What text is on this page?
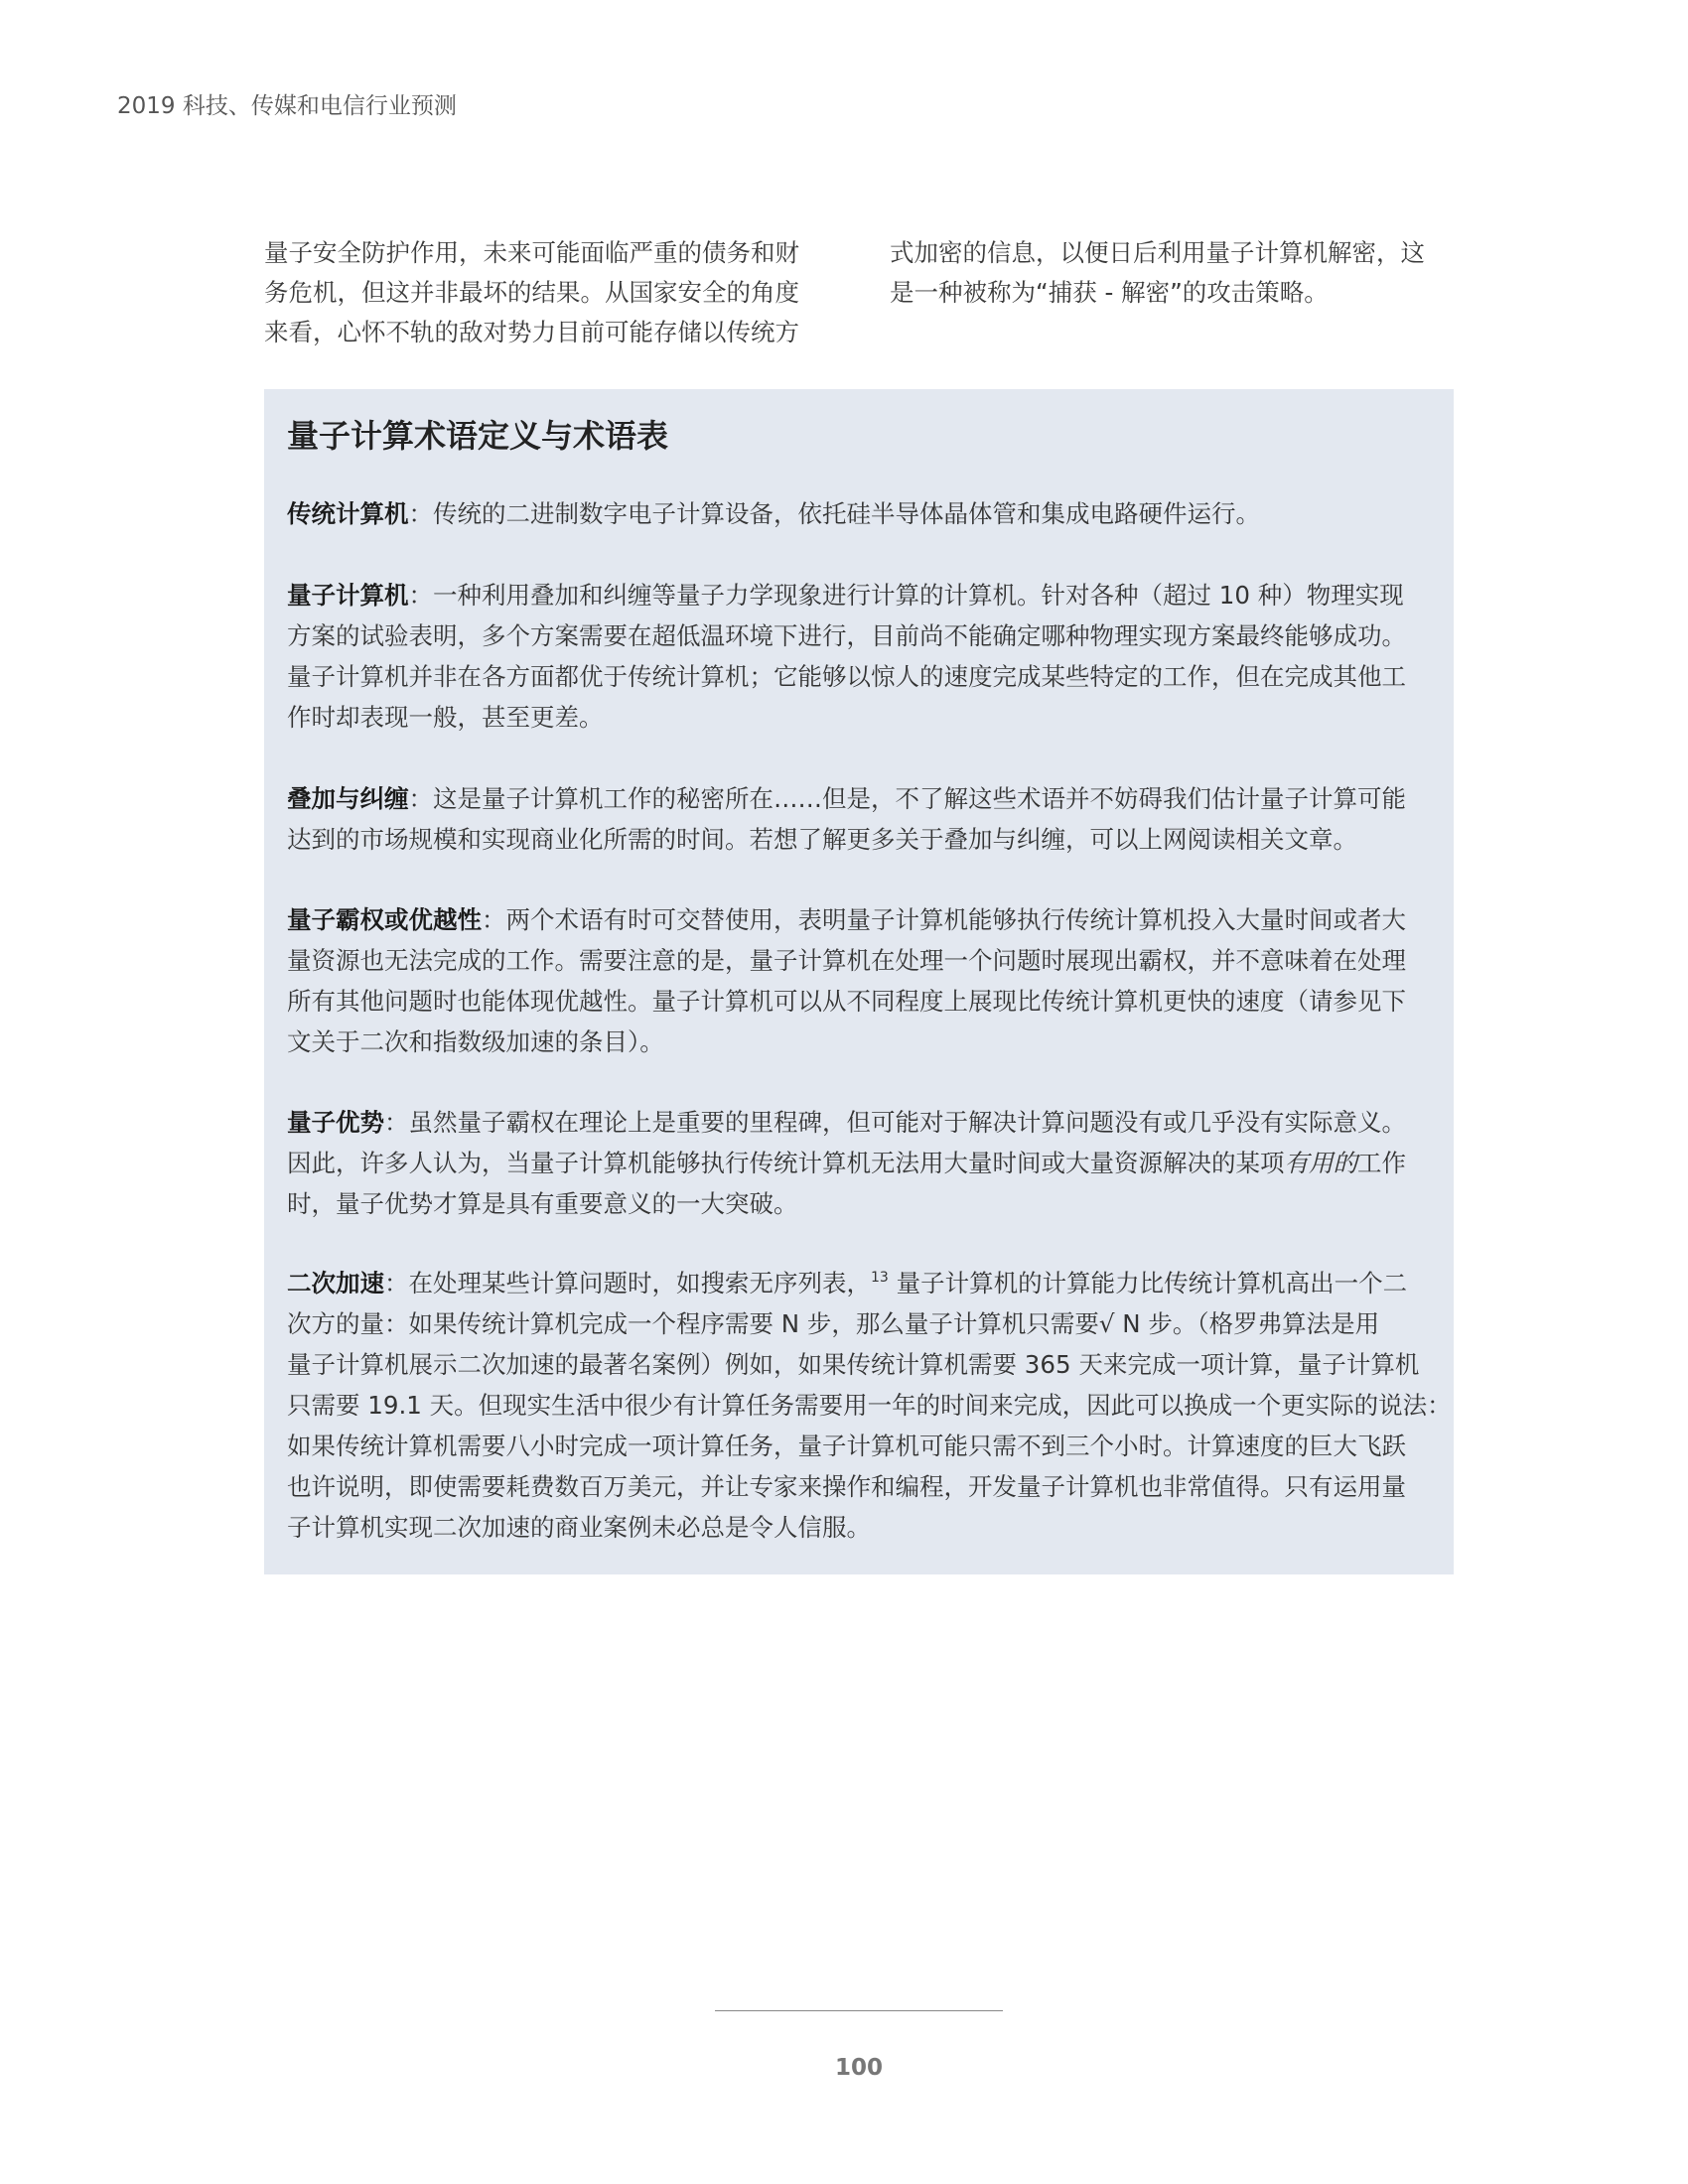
2019 科技、传媒和电信行业预测
量子安全防护作用，未来可能面临严重的债务和财
务危机，但这并非最坏的结果。从国家安全的角度
来看，心怀不轨的敌对势力目前可能存储以传统方
式加密的信息，以便日后利用量子计算机解密，这
是一种被称为“捕获 - 解密”的攻击策略。
量子计算术语定义与术语表
传统计算机：传统的二进制数字电子计算设备，依托硅半导体晶体管和集成电路硬件运行。
量子计算机：一种利用叠加和纠缠等量子力学现象进行计算的计算机。针对各种（超过 10 种）物理实现
方案的试验表明，多个方案需要在超低温环境下进行，目前尚不能确定哪种物理实现方案最终能够成功。
量子计算机并非在各方面都优于传统计算机；它能够以惊人的速度完成某些特定的工作，但在完成其他工
作时却表现一般，甚至更差。
叠加与纠缠：这是量子计算机工作的秘密所在……但是，不了解这些术语并不妨碍我们估计量子计算可能
达到的市场规模和实现商业化所需的时间。若想了解更多关于叠加与纠缠，可以上网阅读相关文章。
量子霸权或优越性：两个术语有时可交替使用，表明量子计算机能够执行传统计算机投入大量时间或者大
量资源也无法完成的工作。需要注意的是，量子计算机在处理一个问题时展现出霸权，并不意味着在处理
所有其他问题时也能体现优越性。量子计算机可以从不同程度上展现比传统计算机更快的速度（请参见下
文关于二次和指数级加速的条目）。
量子优势：虽然量子霸权在理论上是重要的里程碑，但可能对于解决计算问题没有或几乎没有实际意义。
因此，许多人认为，当量子计算机能够执行传统计算机无法用大量时间或大量资源解决的某项有用的工作
时，量子优势才算是具有重要意义的一大突破。
二次加速：在处理某些计算问题时，如搜索无序列表，$^{13}$ 量子计算机的计算能力比传统计算机高出一个二
次方的量：如果传统计算机完成一个程序需要 N 步，那么量子计算机只需要√ N 步。（格罗弗算法是用
量子计算机展示二次加速的最著名案例）例如，如果传统计算机需要 365 天来完成一项计算，量子计算机
只需要 19.1 天。但现实生活中很少有计算任务需要用一年的时间来完成，因此可以换成一个更实际的说法：
如果传统计算机需要八小时完成一项计算任务，量子计算机可能只需不到三个小时。计算速度的巨大飞跃
也许说明，即使需要耗费数百万美元，并让专家来操作和编程，开发量子计算机也非常值得。只有运用量
子计算机实现二次加速的商业案例未必总是令人信服。
100
